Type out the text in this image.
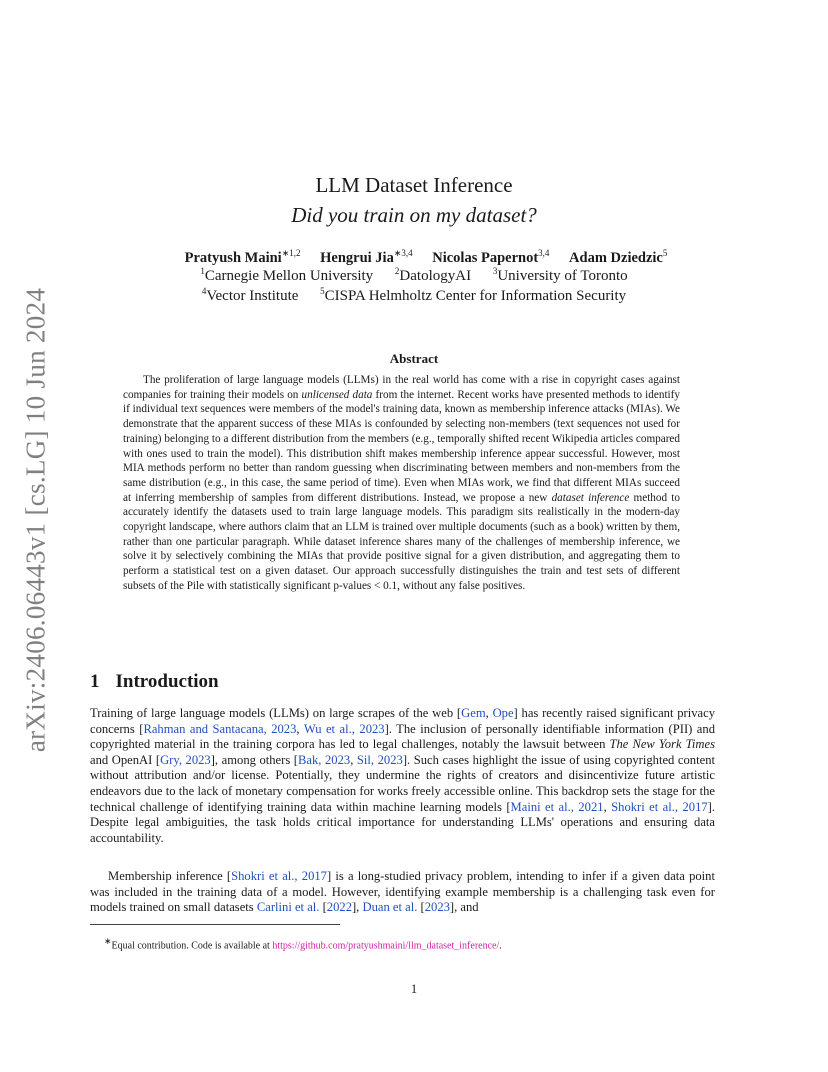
arXiv:2406.06443v1 [cs.LG] 10 Jun 2024
LLM Dataset Inference
Did you train on my dataset?
Pratyush Maini$^{∗1,2}$ Hengrui Jia$^{∗3,4}$ Nicolas Papernot$^{3,4}$ Adam Dziedzic$^5$
$^1$Carnegie Mellon University $^2$DatologyAI $^3$University of Toronto
$^4$Vector Institute $^5$CISPA Helmholtz Center for Information Security
Abstract
The proliferation of large language models (LLMs) in the real world has come with a rise in copyright cases against companies for training their models on unlicensed data from the internet. Recent works have presented methods to identify if individual text sequences were members of the model's training data, known as membership inference attacks (MIAs). We demonstrate that the apparent success of these MIAs is confounded by selecting non-members (text sequences not used for training) belonging to a different distribution from the members (e.g., temporally shifted recent Wikipedia articles compared with ones used to train the model). This distribution shift makes membership inference appear successful. However, most MIA methods perform no better than random guessing when discriminating between members and non-members from the same distribution (e.g., in this case, the same period of time). Even when MIAs work, we find that different MIAs succeed at inferring membership of samples from different distributions. Instead, we propose a new dataset inference method to accurately identify the datasets used to train large language models. This paradigm sits realistically in the modern-day copyright landscape, where authors claim that an LLM is trained over multiple documents (such as a book) written by them, rather than one particular paragraph. While dataset inference shares many of the challenges of membership inference, we solve it by selectively combining the MIAs that provide positive signal for a given distribution, and aggregating them to perform a statistical test on a given dataset. Our approach successfully distinguishes the train and test sets of different subsets of the Pile with statistically significant p-values < 0.1, without any false positives.
1 Introduction
Training of large language models (LLMs) on large scrapes of the web [Gem, Ope] has recently raised significant privacy concerns [Rahman and Santacana, 2023, Wu et al., 2023]. The inclusion of personally identifiable information (PII) and copyrighted material in the training corpora has led to legal challenges, notably the lawsuit between The New York Times and OpenAI [Gry, 2023], among others [Bak, 2023, Sil, 2023]. Such cases highlight the issue of using copyrighted content without attribution and/or license. Potentially, they undermine the rights of creators and disincentivize future artistic endeavors due to the lack of monetary compensation for works freely accessible online. This backdrop sets the stage for the technical challenge of identifying training data within machine learning models [Maini et al., 2021, Shokri et al., 2017]. Despite legal ambiguities, the task holds critical importance for understanding LLMs' operations and ensuring data accountability.
Membership inference [Shokri et al., 2017] is a long-studied privacy problem, intending to infer if a given data point was included in the training data of a model. However, identifying example membership is a challenging task even for models trained on small datasets Carlini et al. [2022], Duan et al. [2023], and
∗Equal contribution. Code is available at https://github.com/pratyushmaini/llm_dataset_inference/.
1
